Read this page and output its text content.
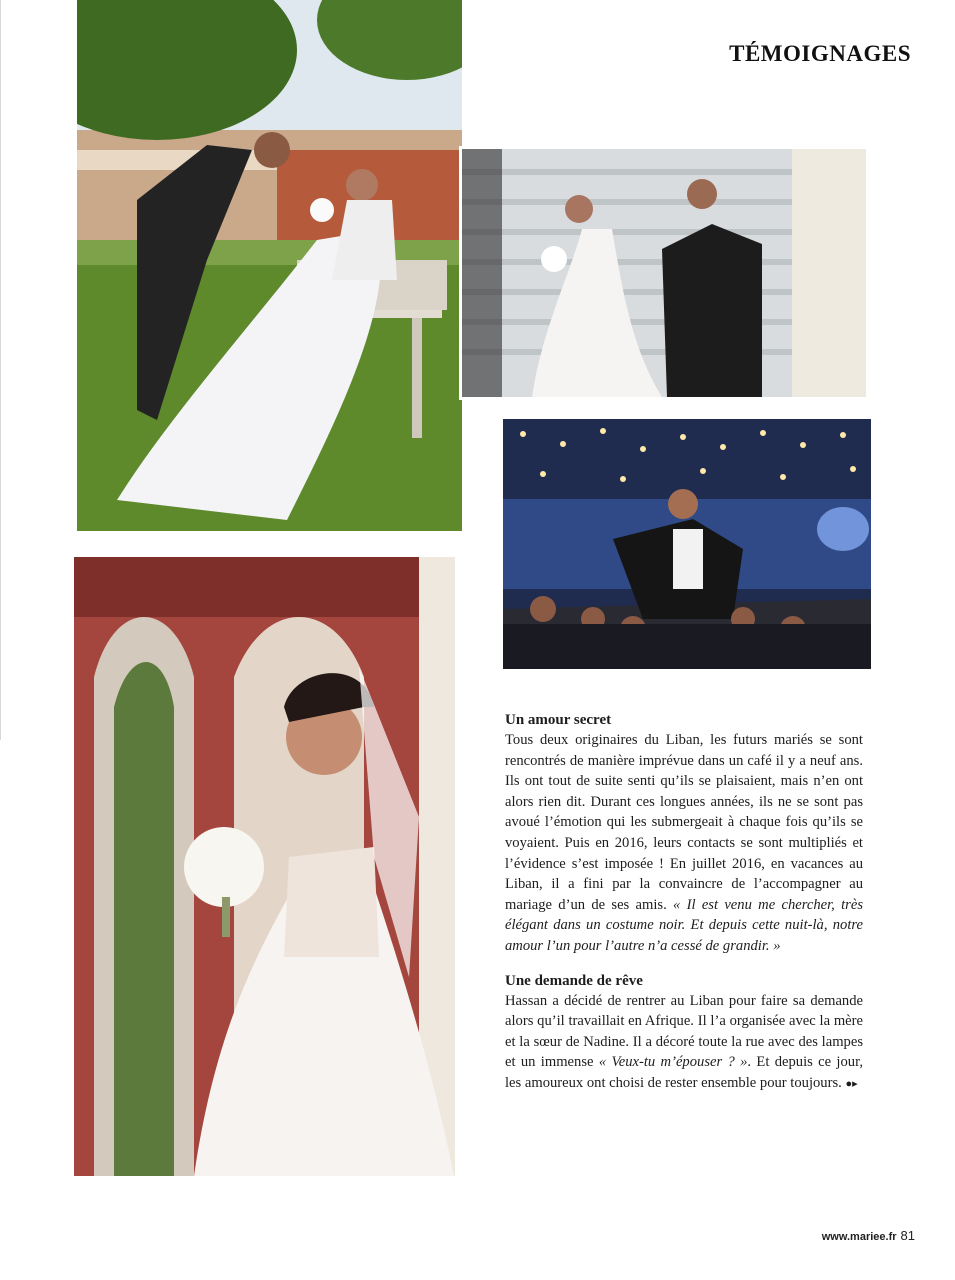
TÉMOIGNAGES
Un amour secret

Tous deux originaires du Liban, les futurs mariés se sont rencontrés de manière imprévue dans un café il y a neuf ans. Ils ont tout de suite senti qu’ils se plaisaient, mais n’en ont alors rien dit. Durant ces longues années, ils ne se sont pas avoué l’émotion qui les submergeait à chaque fois qu’ils se voyaient. Puis en 2016, leurs contacts se sont multipliés et l’évidence s’est imposée ! En juillet 2016, en vacances au Liban, il a fini par la convaincre de l’accompagner au mariage d’un de ses amis. « Il est venu me chercher, très élégant dans un costume noir. Et depuis cette nuit-là, notre amour l’un pour l’autre n’a cessé de grandir. »

Une demande de rêve

Hassan a décidé de rentrer au Liban pour faire sa demande alors qu’il travaillait en Afrique. Il l’a organisée avec la mère et la sœur de Nadine. Il a décoré toute la rue avec des lampes et un immense « Veux-tu m’épouser ? ». Et depuis ce jour, les amoureux ont choisi de rester ensemble pour toujours. ●▸

www.mariee.fr 81
